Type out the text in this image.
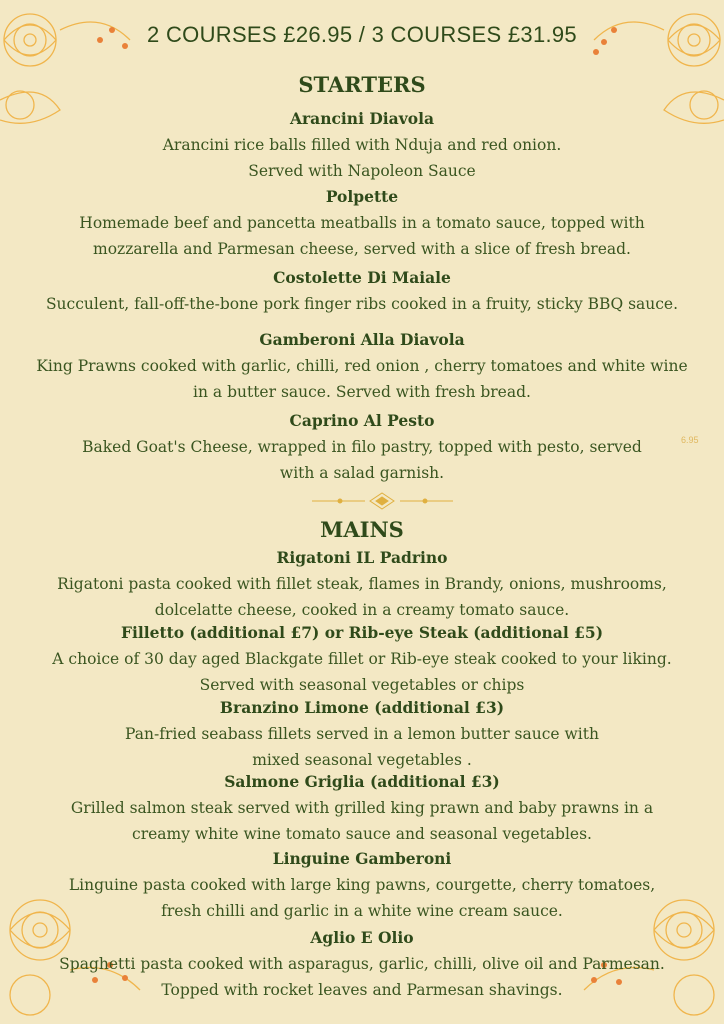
2 COURSES £26.95 / 3 COURSES £31.95
STARTERS
Arancini Diavola
Arancini rice balls filled with Nduja and red onion.
Served with Napoleon Sauce
Polpette
Homemade beef and pancetta meatballs in a tomato sauce, topped with
mozzarella and Parmesan cheese, served with a slice of fresh bread.
Costolette Di Maiale
Succulent, fall-off-the-bone pork finger ribs cooked in a fruity, sticky BBQ sauce.
Gamberoni Alla Diavola
King Prawns cooked with garlic, chilli, red onion , cherry tomatoes and white wine
in a butter sauce. Served with fresh bread.
Caprino Al Pesto
Baked Goat's Cheese, wrapped in filo pastry, topped with pesto, served
with a salad garnish.
6.95
MAINS
Rigatoni IL Padrino
Rigatoni pasta cooked with fillet steak, flames in Brandy, onions, mushrooms,
dolcelatte cheese, cooked in a creamy tomato sauce.
Filletto (additional £7) or Rib-eye Steak (additional £5)
A choice of 30 day aged Blackgate fillet or Rib-eye steak cooked to your liking.
Served with seasonal vegetables or chips
Branzino Limone (additional £3)
Pan-fried seabass fillets served in a lemon butter sauce with
mixed seasonal vegetables .
Salmone Griglia (additional £3)
Grilled salmon steak served with grilled king prawn and baby prawns in a
creamy white wine tomato sauce and seasonal vegetables.
Linguine Gamberoni
Linguine pasta cooked with large king pawns, courgette, cherry tomatoes,
fresh chilli and garlic in a white wine cream sauce.
Aglio E Olio
Spaghetti pasta cooked with asparagus, garlic, chilli, olive oil and Parmesan.
Topped with rocket leaves and Parmesan shavings.
